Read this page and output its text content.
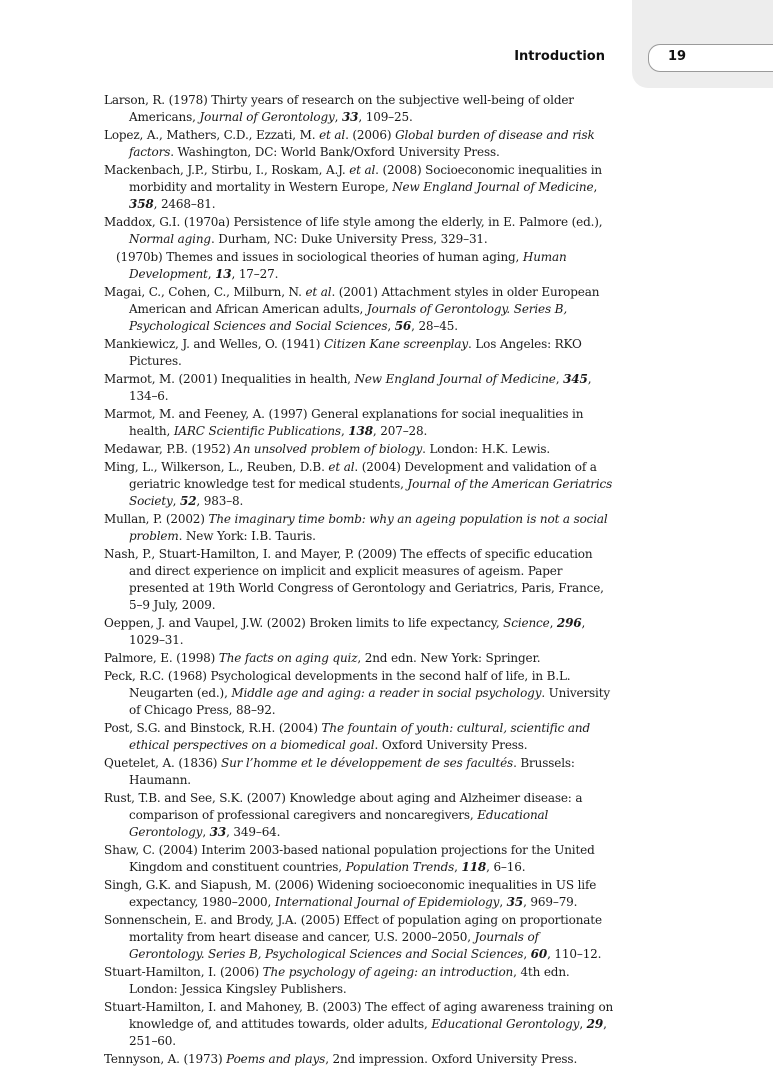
Introduction	19

Larson, R. (1978) Thirty years of research on the subjective well-being of older Americans, Journal of Gerontology, 33, 109–25.

Lopez, A., Mathers, C.D., Ezzati, M. et al. (2006) Global burden of disease and risk factors. Washington, DC: World Bank/Oxford University Press.

Mackenbach, J.P., Stirbu, I., Roskam, A.J. et al. (2008) Socioeconomic inequalities in morbidity and mortality in Western Europe, New England Journal of Medicine, 358, 2468–81.

Maddox, G.I. (1970a) Persistence of life style among the elderly, in E. Palmore (ed.), Normal aging. Durham, NC: Duke University Press, 329–31.

(1970b) Themes and issues in sociological theories of human aging, Human Development, 13, 17–27.

Magai, C., Cohen, C., Milburn, N. et al. (2001) Attachment styles in older European American and African American adults, Journals of Gerontology. Series B, Psychological Sciences and Social Sciences, 56, 28–45.

Mankiewicz, J. and Welles, O. (1941) Citizen Kane screenplay. Los Angeles: RKO Pictures.

Marmot, M. (2001) Inequalities in health, New England Journal of Medicine, 345, 134–6.

Marmot, M. and Feeney, A. (1997) General explanations for social inequalities in health, IARC Scientific Publications, 138, 207–28.

Medawar, P.B. (1952) An unsolved problem of biology. London: H.K. Lewis.

Ming, L., Wilkerson, L., Reuben, D.B. et al. (2004) Development and validation of a geriatric knowledge test for medical students, Journal of the American Geriatrics Society, 52, 983–8.

Mullan, P. (2002) The imaginary time bomb: why an ageing population is not a social problem. New York: I.B. Tauris.

Nash, P., Stuart-Hamilton, I. and Mayer, P. (2009) The effects of specific education and direct experience on implicit and explicit measures of ageism. Paper presented at 19th World Congress of Gerontology and Geriatrics, Paris, France, 5–9 July, 2009.

Oeppen, J. and Vaupel, J.W. (2002) Broken limits to life expectancy, Science, 296, 1029–31.

Palmore, E. (1998) The facts on aging quiz, 2nd edn. New York: Springer.

Peck, R.C. (1968) Psychological developments in the second half of life, in B.L. Neugarten (ed.), Middle age and aging: a reader in social psychology. University of Chicago Press, 88–92.

Post, S.G. and Binstock, R.H. (2004) The fountain of youth: cultural, scientific and ethical perspectives on a biomedical goal. Oxford University Press.

Quetelet, A. (1836) Sur l’homme et le développement de ses facultés. Brussels: Haumann.

Rust, T.B. and See, S.K. (2007) Knowledge about aging and Alzheimer disease: a comparison of professional caregivers and noncaregivers, Educational Gerontology, 33, 349–64.

Shaw, C. (2004) Interim 2003-based national population projections for the United Kingdom and constituent countries, Population Trends, 118, 6–16.

Singh, G.K. and Siapush, M. (2006) Widening socioeconomic inequalities in US life expectancy, 1980–2000, International Journal of Epidemiology, 35, 969–79.

Sonnenschein, E. and Brody, J.A. (2005) Effect of population aging on proportionate mortality from heart disease and cancer, U.S. 2000–2050, Journals of Gerontology. Series B, Psychological Sciences and Social Sciences, 60, 110–12.

Stuart-Hamilton, I. (2006) The psychology of ageing: an introduction, 4th edn. London: Jessica Kingsley Publishers.

Stuart-Hamilton, I. and Mahoney, B. (2003) The effect of aging awareness training on knowledge of, and attitudes towards, older adults, Educational Gerontology, 29, 251–60.

Tennyson, A. (1973) Poems and plays, 2nd impression. Oxford University Press.
